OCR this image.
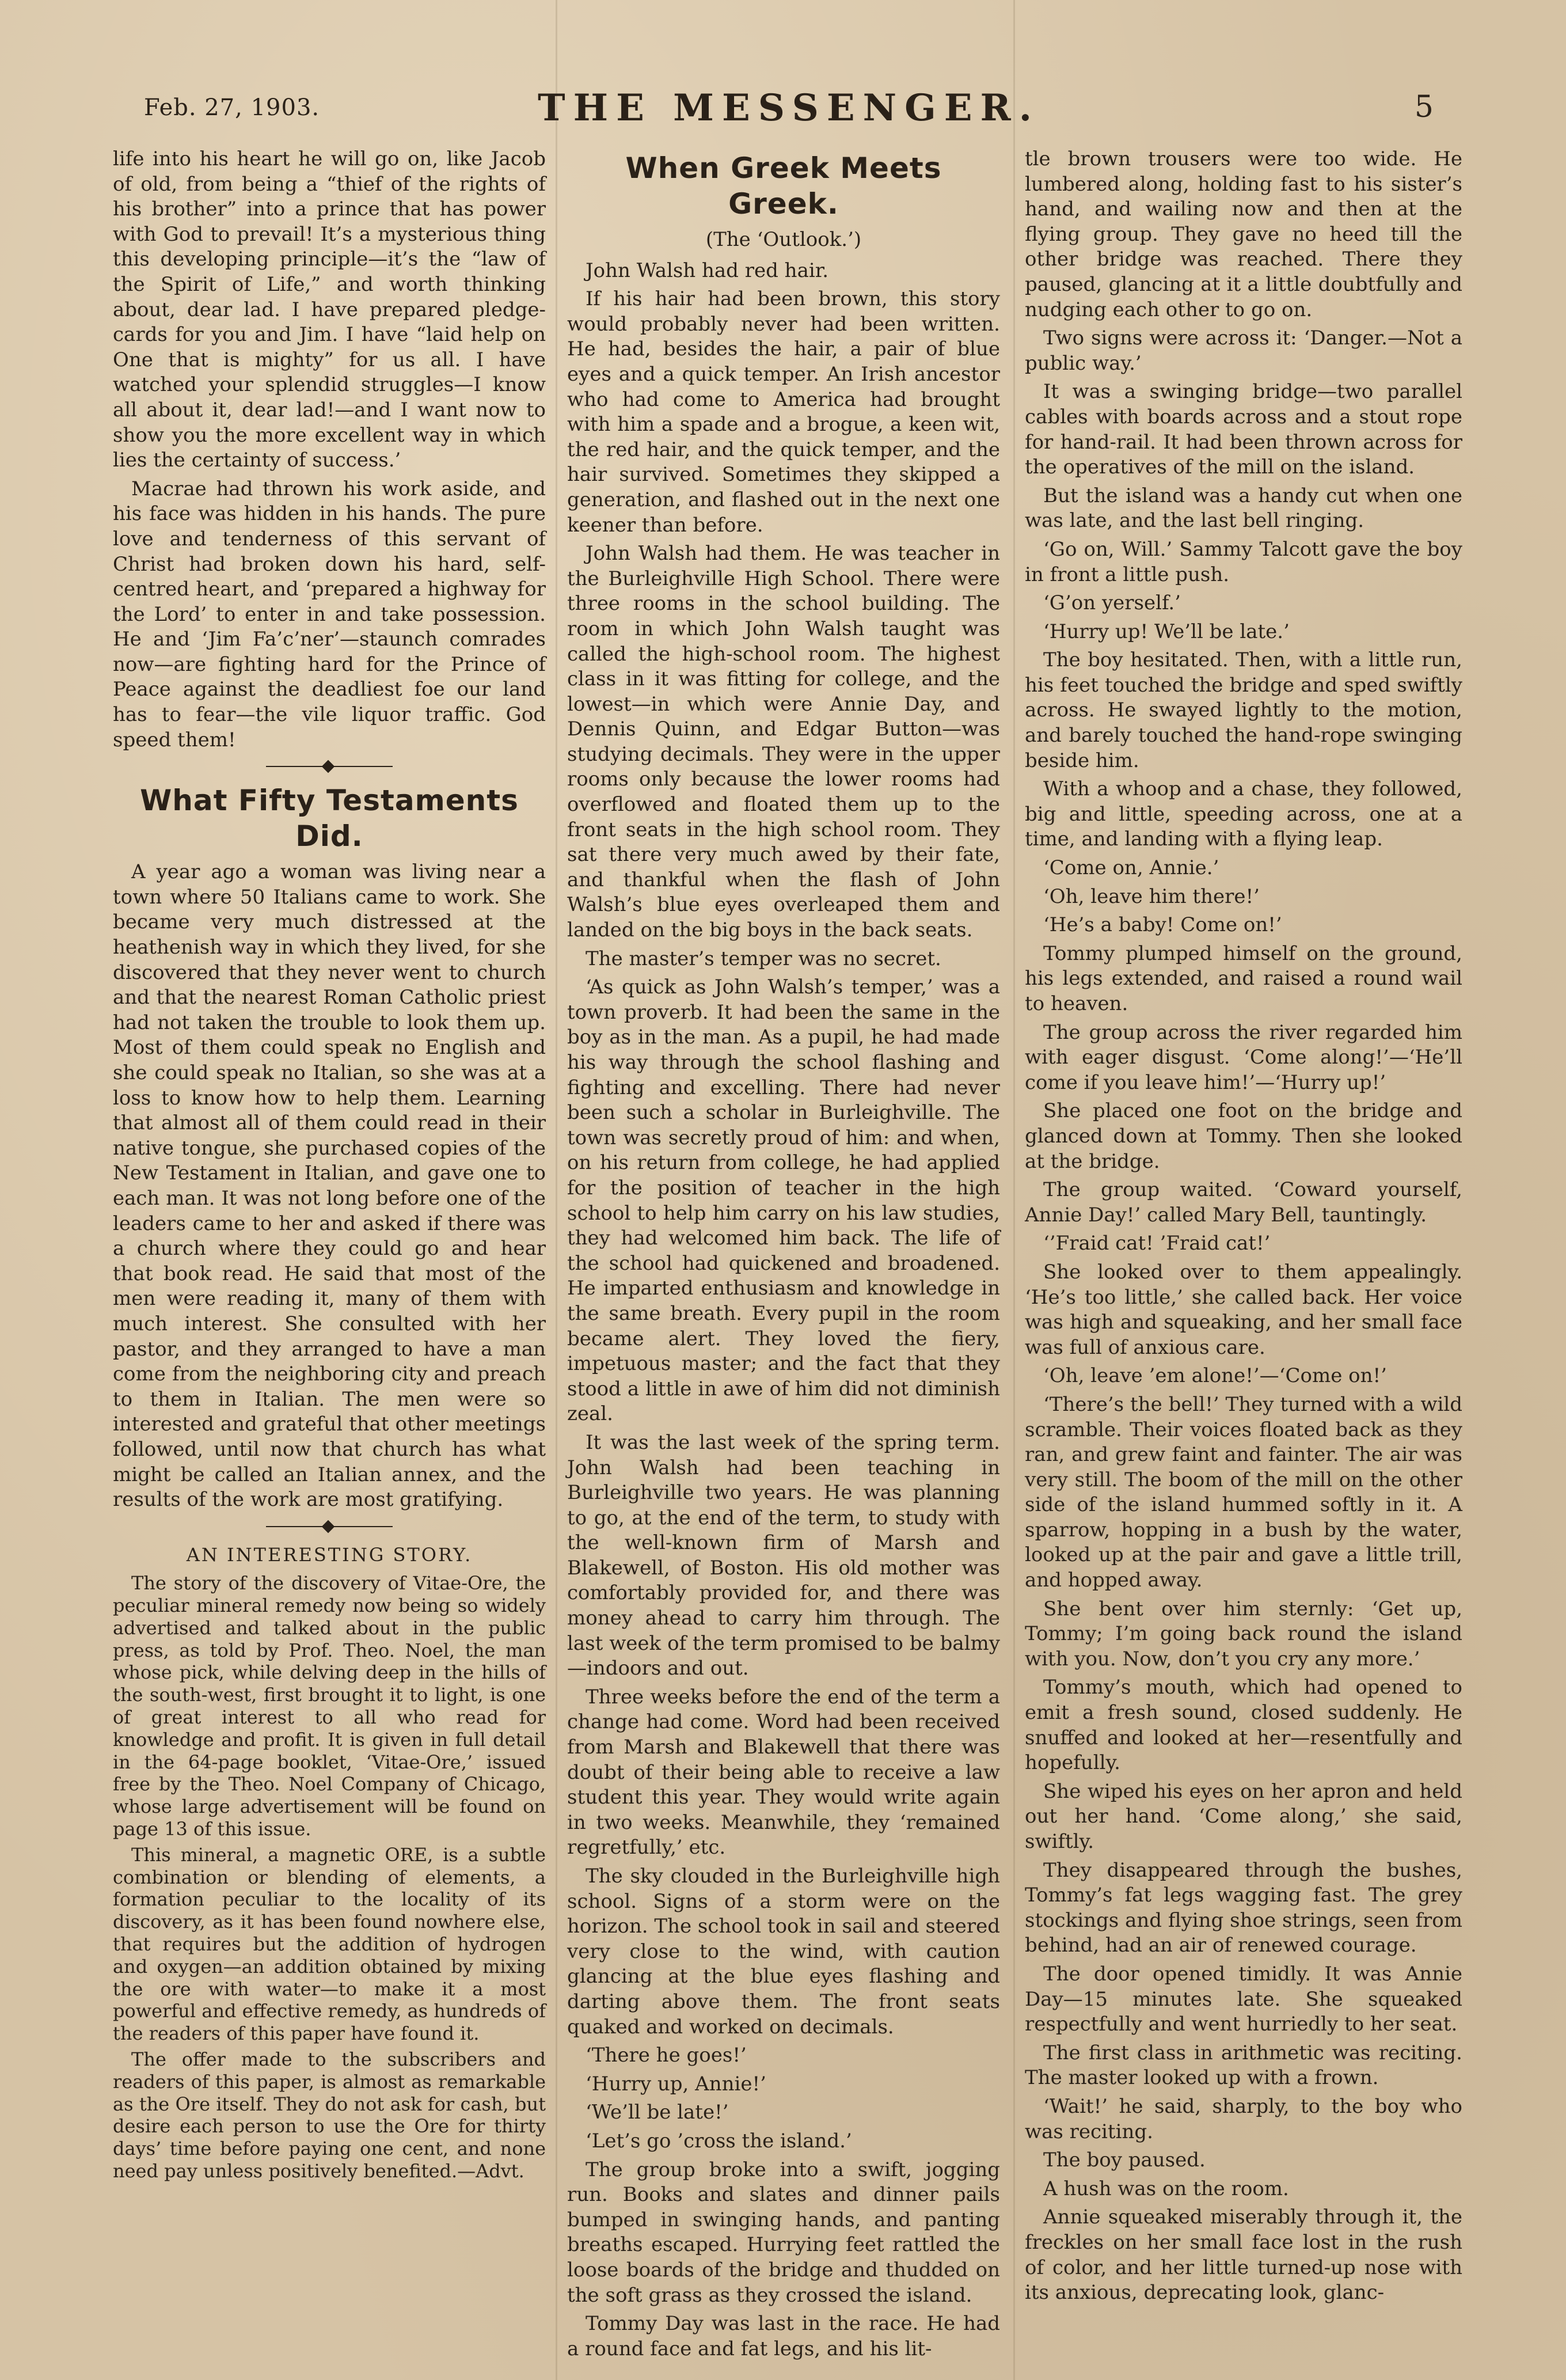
Feb. 27, 1903.	THE MESSENGER.	5

life into his heart he will go on, like Jacob of old, from being a “thief of the rights of his brother” into a prince that has power with God to prevail! It’s a mysterious thing this developing principle—it’s the “law of the Spirit of Life,” and worth thinking about, dear lad. I have prepared pledge-cards for you and Jim. I have “laid help on One that is mighty” for us all. I have watched your splendid struggles—I know all about it, dear lad!—and I want now to show you the more excellent way in which lies the certainty of success.’

Macrae had thrown his work aside, and his face was hidden in his hands. The pure love and tenderness of this servant of Christ had broken down his hard, self-centred heart, and ‘prepared a highway for the Lord’ to enter in and take possession. He and ‘Jim Fa’c’ner’—staunch comrades now—are fighting hard for the Prince of Peace against the deadliest foe our land has to fear—the vile liquor traffic. God speed them!

What Fifty Testaments Did.

A year ago a woman was living near a town where 50 Italians came to work. She became very much distressed at the heathenish way in which they lived, for she discovered that they never went to church and that the nearest Roman Catholic priest had not taken the trouble to look them up. Most of them could speak no English and she could speak no Italian, so she was at a loss to know how to help them. Learning that almost all of them could read in their native tongue, she purchased copies of the New Testament in Italian, and gave one to each man. It was not long before one of the leaders came to her and asked if there was a church where they could go and hear that book read. He said that most of the men were reading it, many of them with much interest. She consulted with her pastor, and they arranged to have a man come from the neighboring city and preach to them in Italian. The men were so interested and grateful that other meetings followed, until now that church has what might be called an Italian annex, and the results of the work are most gratifying.

AN INTERESTING STORY.

The story of the discovery of Vitae-Ore, the peculiar mineral remedy now being so widely advertised and talked about in the public press, as told by Prof. Theo. Noel, the man whose pick, while delving deep in the hills of the south-west, first brought it to light, is one of great interest to all who read for knowledge and profit. It is given in full detail in the 64-page booklet, ‘Vitae-Ore,’ issued free by the Theo. Noel Company of Chicago, whose large advertisement will be found on page 13 of this issue.

This mineral, a magnetic ORE, is a subtle combination or blending of elements, a formation peculiar to the locality of its discovery, as it has been found nowhere else, that requires but the addition of hydrogen and oxygen—an addition obtained by mixing the ore with water—to make it a most powerful and effective remedy, as hundreds of the readers of this paper have found it.

The offer made to the subscribers and readers of this paper, is almost as remarkable as the Ore itself. They do not ask for cash, but desire each person to use the Ore for thirty days’ time before paying one cent, and none need pay unless positively benefited.—Advt.

When Greek Meets Greek.
(The ‘Outlook.’)

John Walsh had red hair.

If his hair had been brown, this story would probably never had been written. He had, besides the hair, a pair of blue eyes and a quick temper. An Irish ancestor who had come to America had brought with him a spade and a brogue, a keen wit, the red hair, and the quick temper, and the hair survived. Sometimes they skipped a generation, and flashed out in the next one keener than before.

John Walsh had them. He was teacher in the Burleighville High School. There were three rooms in the school building. The room in which John Walsh taught was called the high-school room. The highest class in it was fitting for college, and the lowest—in which were Annie Day, and Dennis Quinn, and Edgar Button—was studying decimals. They were in the upper rooms only because the lower rooms had overflowed and floated them up to the front seats in the high school room. They sat there very much awed by their fate, and thankful when the flash of John Walsh’s blue eyes overleaped them and landed on the big boys in the back seats.

The master’s temper was no secret.

‘As quick as John Walsh’s temper,’ was a town proverb. It had been the same in the boy as in the man. As a pupil, he had made his way through the school flashing and fighting and excelling. There had never been such a scholar in Burleighville. The town was secretly proud of him: and when, on his return from college, he had applied for the position of teacher in the high school to help him carry on his law studies, they had welcomed him back. The life of the school had quickened and broadened. He imparted enthusiasm and knowledge in the same breath. Every pupil in the room became alert. They loved the fiery, impetuous master; and the fact that they stood a little in awe of him did not diminish zeal.

It was the last week of the spring term. John Walsh had been teaching in Burleighville two years. He was planning to go, at the end of the term, to study with the well-known firm of Marsh and Blakewell, of Boston. His old mother was comfortably provided for, and there was money ahead to carry him through. The last week of the term promised to be balmy—indoors and out.

Three weeks before the end of the term a change had come. Word had been received from Marsh and Blakewell that there was doubt of their being able to receive a law student this year. They would write again in two weeks. Meanwhile, they ‘remained regretfully,’ etc.

The sky clouded in the Burleighville high school. Signs of a storm were on the horizon. The school took in sail and steered very close to the wind, with caution glancing at the blue eyes flashing and darting above them. The front seats quaked and worked on decimals.

‘There he goes!’

‘Hurry up, Annie!’

‘We’ll be late!’

‘Let’s go ’cross the island.’

The group broke into a swift, jogging run. Books and slates and dinner pails bumped in swinging hands, and panting breaths escaped. Hurrying feet rattled the loose boards of the bridge and thudded on the soft grass as they crossed the island.

Tommy Day was last in the race. He had a round face and fat legs, and his lit-

tle brown trousers were too wide. He lumbered along, holding fast to his sister’s hand, and wailing now and then at the flying group. They gave no heed till the other bridge was reached. There they paused, glancing at it a little doubtfully and nudging each other to go on.

Two signs were across it: ‘Danger.—Not a public way.’

It was a swinging bridge—two parallel cables with boards across and a stout rope for hand-rail. It had been thrown across for the operatives of the mill on the island.

But the island was a handy cut when one was late, and the last bell ringing.

‘Go on, Will.’ Sammy Talcott gave the boy in front a little push.

‘G’on yerself.’

‘Hurry up! We’ll be late.’

The boy hesitated. Then, with a little run, his feet touched the bridge and sped swiftly across. He swayed lightly to the motion, and barely touched the hand-rope swinging beside him.

With a whoop and a chase, they followed, big and little, speeding across, one at a time, and landing with a flying leap.

‘Come on, Annie.’

‘Oh, leave him there!’

‘He’s a baby! Come on!’

Tommy plumped himself on the ground, his legs extended, and raised a round wail to heaven.

The group across the river regarded him with eager disgust. ‘Come along!’—‘He’ll come if you leave him!’—‘Hurry up!’

She placed one foot on the bridge and glanced down at Tommy. Then she looked at the bridge.

The group waited. ‘Coward yourself, Annie Day!’ called Mary Bell, tauntingly.

‘’Fraid cat! ’Fraid cat!’

She looked over to them appealingly. ‘He’s too little,’ she called back. Her voice was high and squeaking, and her small face was full of anxious care.

‘Oh, leave ’em alone!’—‘Come on!’

‘There’s the bell!’ They turned with a wild scramble. Their voices floated back as they ran, and grew faint and fainter. The air was very still. The boom of the mill on the other side of the island hummed softly in it. A sparrow, hopping in a bush by the water, looked up at the pair and gave a little trill, and hopped away.

She bent over him sternly: ‘Get up, Tommy; I’m going back round the island with you. Now, don’t you cry any more.’

Tommy’s mouth, which had opened to emit a fresh sound, closed suddenly. He snuffed and looked at her—resentfully and hopefully.

She wiped his eyes on her apron and held out her hand. ‘Come along,’ she said, swiftly.

They disappeared through the bushes, Tommy’s fat legs wagging fast. The grey stockings and flying shoe strings, seen from behind, had an air of renewed courage.

The door opened timidly. It was Annie Day—15 minutes late. She squeaked respectfully and went hurriedly to her seat.

The first class in arithmetic was reciting. The master looked up with a frown.

‘Wait!’ he said, sharply, to the boy who was reciting.

The boy paused.

A hush was on the room.

Annie squeaked miserably through it, the freckles on her small face lost in the rush of color, and her little turned-up nose with its anxious, deprecating look, glanc-
